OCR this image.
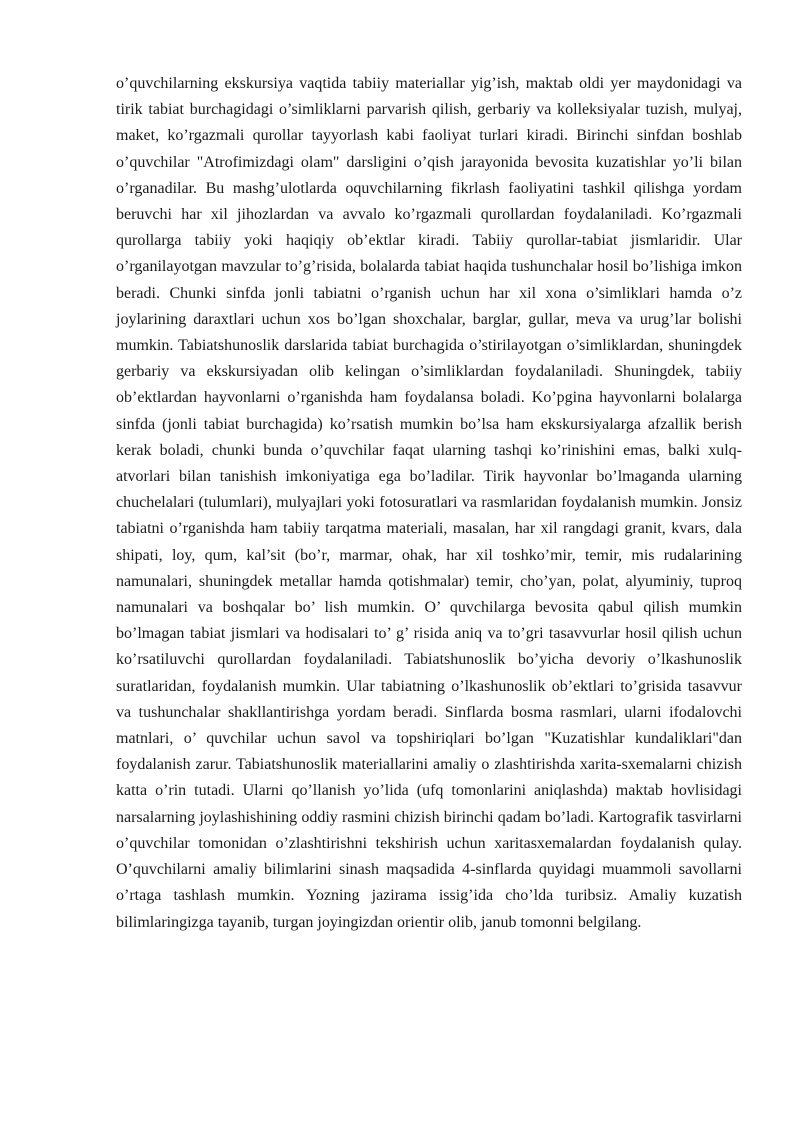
o’quvchilarning ekskursiya vaqtida tabiiy materiallar yig’ish, maktab oldi yer maydonidagi va tirik tabiat burchagidagi o’simliklarni parvarish qilish, gerbariy va kolleksiyalar tuzish, mulyaj, maket, ko’rgazmali qurollar tayyorlash kabi faoliyat turlari kiradi. Birinchi sinfdan boshlab o’quvchilar "Atrofimizdagi olam" darsligini o’qish jarayonida bevosita kuzatishlar yo’li bilan o’rganadilar. Bu mashg’ulotlarda oquvchilarning fikrlash faoliyatini tashkil qilishga yordam beruvchi har xil jihozlardan va avvalo ko’rgazmali qurollardan foydalaniladi. Ko’rgazmali qurollarga tabiiy yoki haqiqiy ob’ektlar kiradi. Tabiiy qurollar-tabiat jismlaridir. Ular o’rganilayotgan mavzular to’g’risida, bolalarda tabiat haqida tushunchalar hosil bo’lishiga imkon beradi. Chunki sinfda jonli tabiatni o’rganish uchun har xil xona o’simliklari hamda o’z joylarining daraxtlari uchun xos bo’lgan shoxchalar, barglar, gullar, meva va urug’lar bolishi mumkin. Tabiatshunoslik darslarida tabiat burchagida o’stirilayotgan o’simliklardan, shuningdek gerbariy va ekskursiyadan olib kelingan o’simliklardan foydalaniladi. Shuningdek, tabiiy ob’ektlardan hayvonlarni o’rganishda ham foydalansa boladi. Ko’pgina hayvonlarni bolalarga sinfda (jonli tabiat burchagida) ko’rsatish mumkin bo’lsa ham ekskursiyalarga afzallik berish kerak boladi, chunki bunda o’quvchilar faqat ularning tashqi ko’rinishini emas, balki xulq-atvorlari bilan tanishish imkoniyatiga ega bo’ladilar. Tirik hayvonlar bo’lmaganda ularning chuchelalari (tulumlari), mulyajlari yoki fotosuratlari va rasmlaridan foydalanish mumkin. Jonsiz tabiatni o’rganishda ham tabiiy tarqatma materiali, masalan, har xil rangdagi granit, kvars, dala shipati, loy, qum, kal’sit (bo’r, marmar, ohak, har xil toshko’mir, temir, mis rudalarining namunalari, shuningdek metallar hamda qotishmalar) temir, cho’yan, polat, alyuminiy, tuproq namunalari va boshqalar bo’ lish mumkin. O’ quvchilarga bevosita qabul qilish mumkin bo’lmagan tabiat jismlari va hodisalari to’ g’ risida aniq va to’gri tasavvurlar hosil qilish uchun ko’rsatiluvchi qurollardan foydalaniladi. Tabiatshunoslik bo’yicha devoriy o’lkashunoslik suratlaridan, foydalanish mumkin. Ular tabiatning o’lkashunoslik ob’ektlari to’grisida tasavvur va tushunchalar shakllantirishga yordam beradi. Sinflarda bosma rasmlari, ularni ifodalovchi matnlari, o’ quvchilar uchun savol va topshiriqlari bo’lgan "Kuzatishlar kundaliklari"dan foydalanish zarur. Tabiatshunoslik materiallarini amaliy o zlashtirishda xarita-sxemalarni chizish katta o’rin tutadi. Ularni qo’llanish yo’lida (ufq tomonlarini aniqlashda) maktab hovlisidagi narsalarning joylashishining oddiy rasmini chizish birinchi qadam bo’ladi. Kartografik tasvirlarni o’quvchilar tomonidan o’zlashtirishni tekshirish uchun xaritasxemalardan foydalanish qulay. O’quvchilarni amaliy bilimlarini sinash maqsadida 4-sinflarda quyidagi muammoli savollarni o’rtaga tashlash mumkin. Yozning jazirama issig’ida cho’lda turibsiz. Amaliy kuzatish bilimlaringizga tayanib, turgan joyingizdan orientir olib, janub tomonni belgilang.
